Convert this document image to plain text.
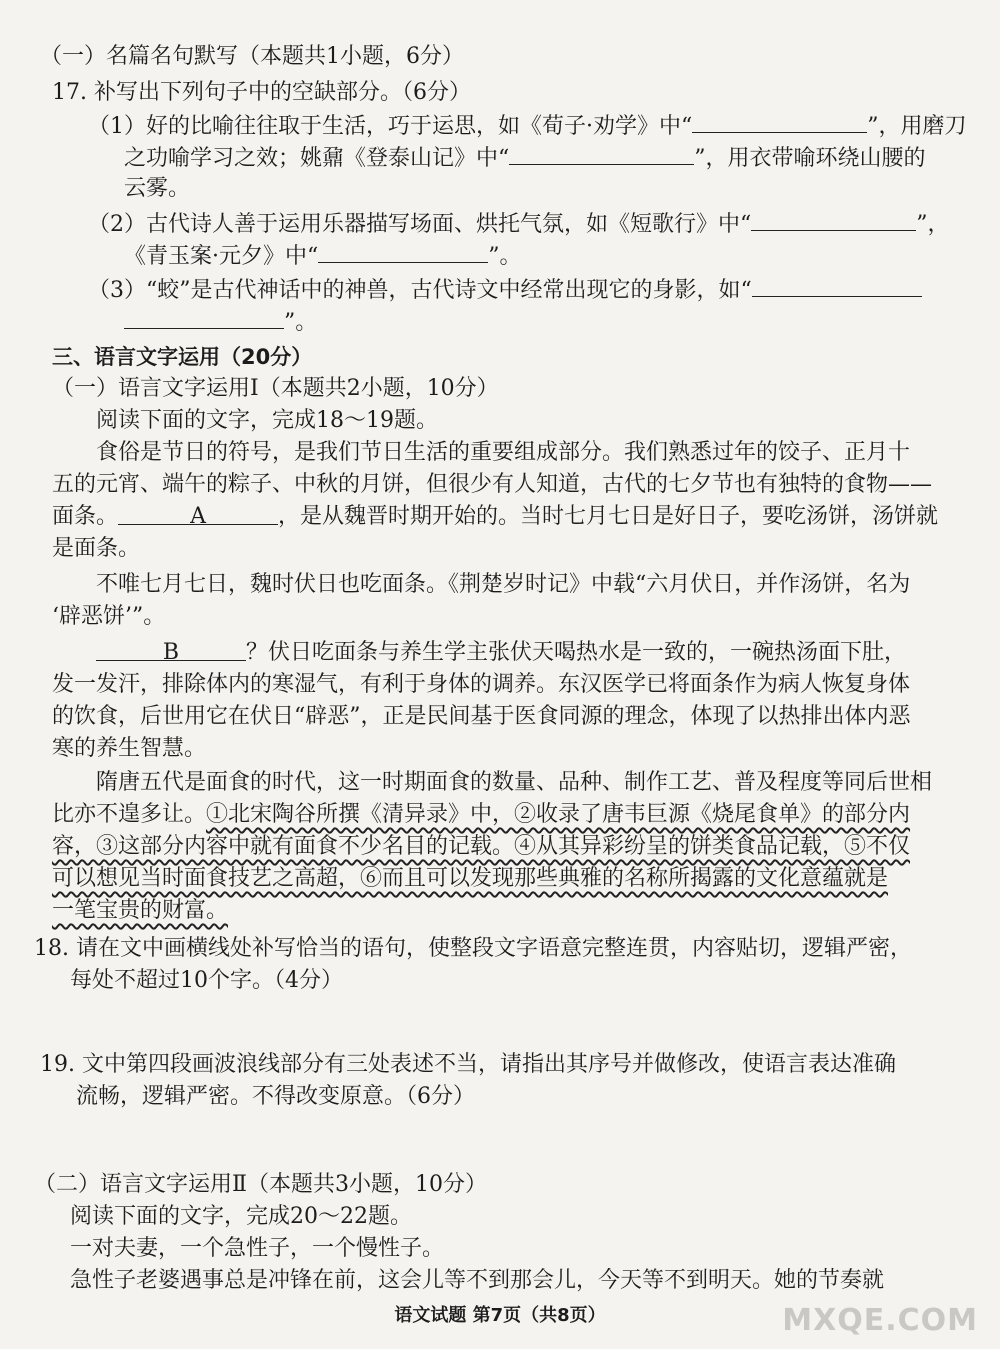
（一）名篇名句默写（本题共1小题，6分）
17. 补写出下列句子中的空缺部分。（6分）
（1）好的比喻往往取于生活，巧于运思，如《荀子·劝学》中“	”，用磨刀
之功喻学习之效；姚鼐《登泰山记》中“	”，用衣带喻环绕山腰的
云雾。
（2）古代诗人善于运用乐器描写场面、烘托气氛，如《短歌行》中“	”，
《青玉案·元夕》中“	”。
（3）“蛟”是古代神话中的神兽，古代诗文中经常出现它的身影，如“
”。
三、语言文字运用（20分）
（一）语言文字运用Ⅰ（本题共2小题，10分）
阅读下面的文字，完成18～19题。
食俗是节日的符号，是我们节日生活的重要组成部分。我们熟悉过年的饺子、正月十
五的元宵、端午的粽子、中秋的月饼，但很少有人知道，古代的七夕节也有独特的食物——
面条。	A	，是从魏晋时期开始的。当时七月七日是好日子，要吃汤饼，汤饼就
是面条。
不唯七月七日，魏时伏日也吃面条。《荆楚岁时记》中载“六月伏日，并作汤饼，名为
‘辟恶饼’”。
B	？伏日吃面条与养生学主张伏天喝热水是一致的，一碗热汤面下肚，
发一发汗，排除体内的寒湿气，有利于身体的调养。东汉医学已将面条作为病人恢复身体
的饮食，后世用它在伏日“辟恶”，正是民间基于医食同源的理念，体现了以热排出体内恶
寒的养生智慧。
隋唐五代是面食的时代，这一时期面食的数量、品种、制作工艺、普及程度等同后世相
比亦不遑多让。①北宋陶谷所撰《清异录》中，②收录了唐韦巨源《烧尾食单》的部分内
容，③这部分内容中就有面食不少名目的记载。④从其异彩纷呈的饼类食品记载，⑤不仅
可以想见当时面食技艺之高超，⑥而且可以发现那些典雅的名称所揭露的文化意蕴就是
一笔宝贵的财富。
18. 请在文中画横线处补写恰当的语句，使整段文字语意完整连贯，内容贴切，逻辑严密，
每处不超过10个字。（4分）
19. 文中第四段画波浪线部分有三处表述不当，请指出其序号并做修改，使语言表达准确
流畅，逻辑严密。不得改变原意。（6分）
（二）语言文字运用Ⅱ（本题共3小题，10分）
阅读下面的文字，完成20～22题。
一对夫妻，一个急性子，一个慢性子。
急性子老婆遇事总是冲锋在前，这会儿等不到那会儿，今天等不到明天。她的节奏就
语文试题 第7页（共8页）	MXQE.COM
